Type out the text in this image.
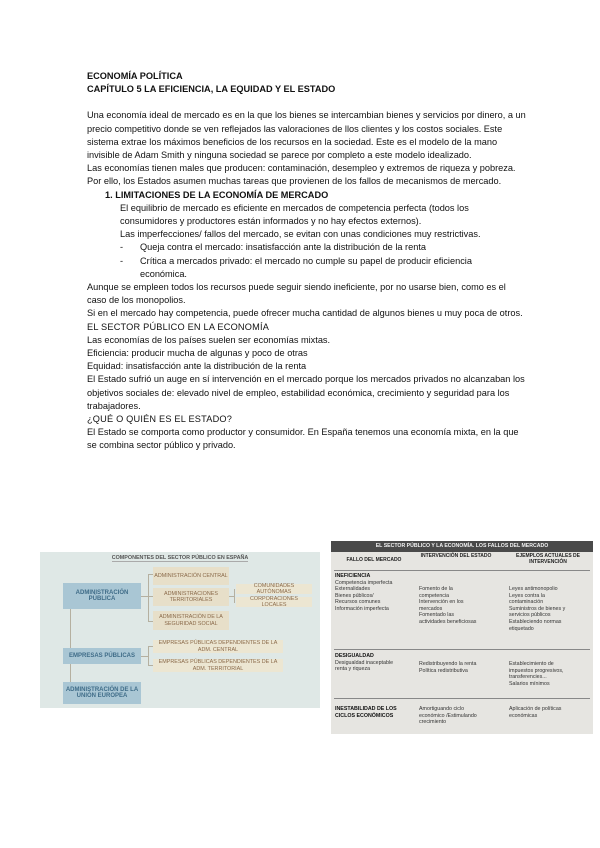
ECONOMÍA POLÍTICA

CAPÍTULO 5 LA EFICIENCIA, LA EQUIDAD Y EL ESTADO

Una economía ideal de mercado es en la que los bienes se intercambian bienes y servicios por dinero, a un precio competitivo donde se ven reflejados las valoraciones de llos clientes y los costos sociales. Este sistema extrae los máximos beneficios de los recursos en la sociedad. Este es el modelo de la mano invisible de Adam Smith y ninguna sociedad se parece por completo a este modelo idealizado.

Las economías tienen males que producen: contaminación, desempleo y extremos de riqueza y pobreza. Por ello, los Estados asumen muchas tareas que provienen de los fallos de mecanismos de mercado.

1. LIMITACIONES DE LA ECONOMÍA DE MERCADO

El equilibrio de mercado es eficiente en mercados de competencia perfecta (todos los consumidores y productores están informados y no hay efectos externos).

Las imperfecciones/ fallos del mercado, se evitan con unas condiciones muy restrictivas.

- Queja contra el mercado: insatisfacción ante la distribución de la renta

- Crítica a mercados privado: el mercado no cumple su papel de producir eficiencia

económica.

Aunque se empleen todos los recursos puede seguir siendo ineficiente, por no usarse bien, como es el caso de los monopolios.

Si en el mercado hay competencia, puede ofrecer mucha cantidad de algunos bienes u muy poca de otros.

EL SECTOR PÚBLICO EN LA ECONOMÍA

Las economías de los países suelen ser economías mixtas.

Eficiencia: producir mucha de algunas y poco de otras

Equidad: insatisfacción ante la distribución de la renta

El Estado sufrió un auge en sí intervención en el mercado porque los mercados privados no alcanzaban los objetivos sociales de: elevado nivel de empleo, estabilidad económica, crecimiento y seguridad para los trabajadores.

¿QUÉ O QUIÉN ES EL ESTADO?

El Estado se comporta como productor y consumidor. En España tenemos una economía mixta, en la que se combina sector público y privado.

COMPONENTES DEL SECTOR PÚBLICO EN ESPAÑA
ADMINISTRACIÓN PÚBLICA
ADMINISTRACIÓN CENTRAL
ADMINISTRACIONES TERRITORIALES
ADMINISTRACIÓN DE LA SEGURIDAD SOCIAL
COMUNIDADES AUTÓNOMAS
CORPORACIONES LOCALES
EMPRESAS PÚBLICAS
EMPRESAS PÚBLICAS DEPENDIENTES DE LA ADM. CENTRAL
EMPRESAS PÚBLICAS DEPENDIENTES DE LA ADM. TERRITORIAL
ADMINISTRACIÓN DE LA UNIÓN EUROPEA
EL SECTOR PÚBLICO Y LA ECONOMÍA. LOS FALLOS DEL MERCADO
FALLO DEL MERCADO
INTERVENCIÓN DEL ESTADO	EJEMPLOS ACTUALES DE INTERVENCIÓN

INEFICIENCIA

Competencia imperfecta

Externalidades

Bienes públicos/

Recursos comunes

Información imperfecta

Fomento de la

competencia

Intervención en los

mercados

Fomentado las

actividades beneficiosas

Leyes antimonopolio

Leyes contra la

contaminación

Suministros de bienes y

servicios públicos

Estableciendo normas

etiquetado

DESIGUALDAD

Desigualdad inaceptable

renta y riqueza

Redistribuyendo la renta

Política redistributiva

Establecimiento de

impuestos progresivos,

transferencies...

Salarios mínimos

INESTABILIDAD DE LOS CICLOS ECONÓMICOS

Amortiguando ciclo

económico /Estimulando

crecimiento

Aplicación de políticas

económicas
